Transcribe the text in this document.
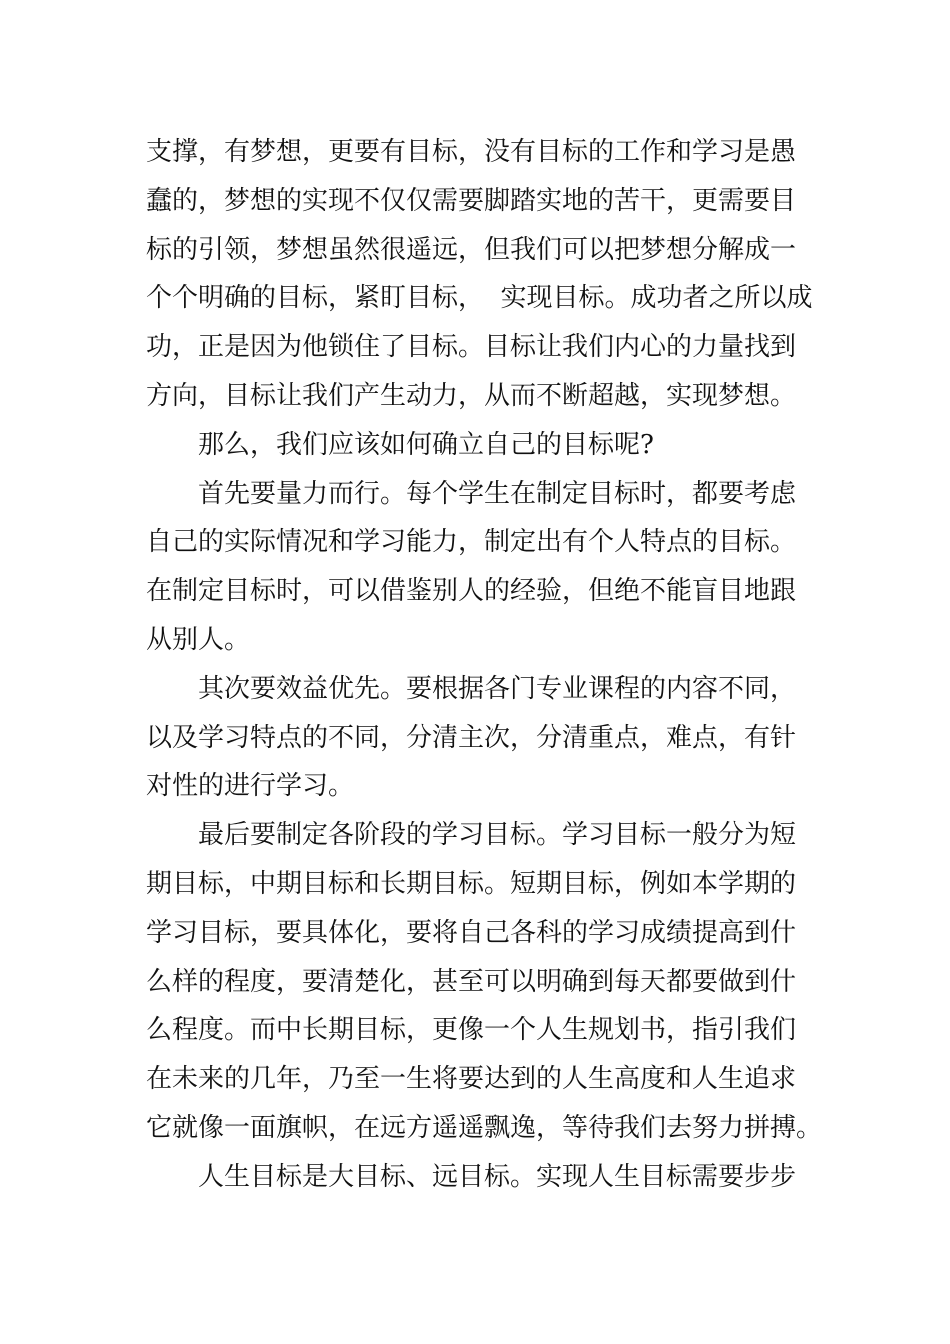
支撑，有梦想，更要有目标，没有目标的工作和学习是愚
蠢的，梦想的实现不仅仅需要脚踏实地的苦干，更需要目
标的引领，梦想虽然很遥远，但我们可以把梦想分解成一
个个明确的目标，紧盯目标，  实现目标。成功者之所以成
功，正是因为他锁住了目标。目标让我们内心的力量找到
方向，目标让我们产生动力，从而不断超越，实现梦想。
那么，我们应该如何确立自己的目标呢?
首先要量力而行。每个学生在制定目标时，都要考虑
自己的实际情况和学习能力，制定出有个人特点的目标。
在制定目标时，可以借鉴别人的经验，但绝不能盲目地跟
从别人。
其次要效益优先。要根据各门专业课程的内容不同，
以及学习特点的不同，分清主次，分清重点，难点，有针
对性的进行学习。
最后要制定各阶段的学习目标。学习目标一般分为短
期目标，中期目标和长期目标。短期目标，例如本学期的
学习目标，要具体化，要将自己各科的学习成绩提高到什
么样的程度，要清楚化，甚至可以明确到每天都要做到什
么程度。而中长期目标，更像一个人生规划书，指引我们
在未来的几年，乃至一生将要达到的人生高度和人生追求
它就像一面旗帜，在远方遥遥飘逸，等待我们去努力拼搏。
人生目标是大目标、远目标。实现人生目标需要步步
